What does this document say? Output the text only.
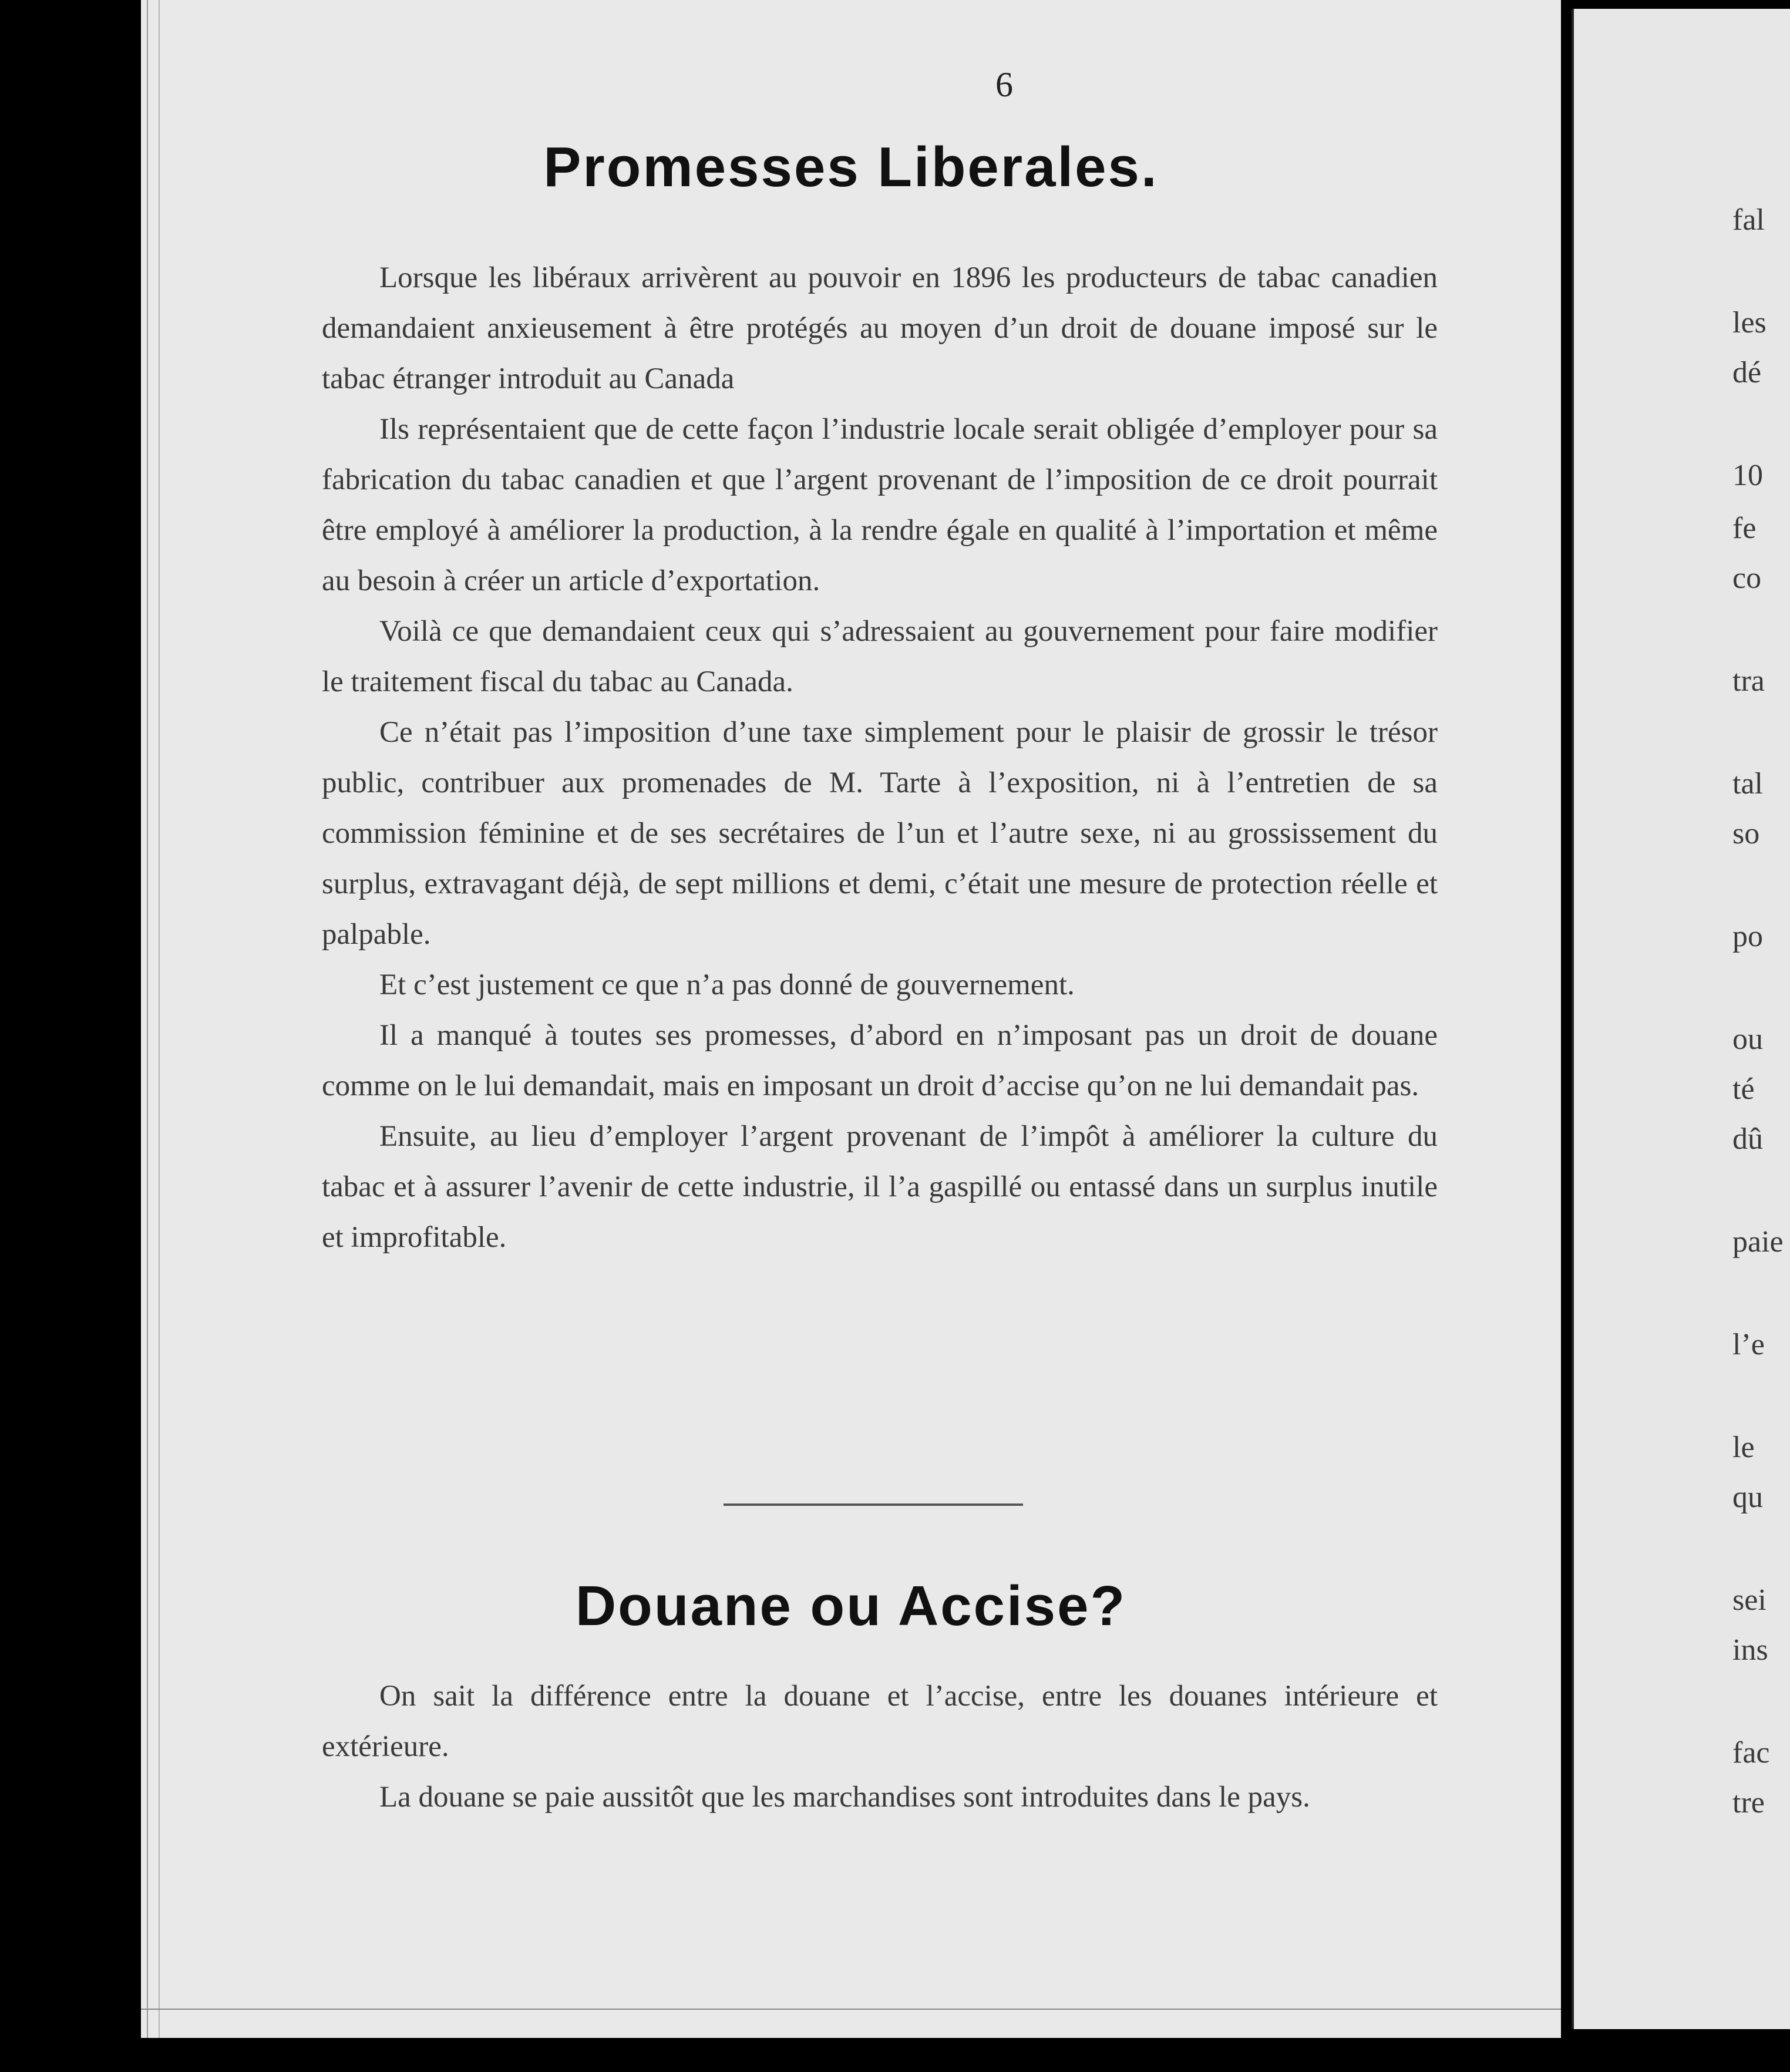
6
Promesses Liberales.

Lorsque les libéraux arrivèrent au pouvoir en 1896 les producteurs de tabac canadien demandaient anxieusement à être protégés au moyen d’un droit de douane imposé sur le tabac étranger introduit au Canada

Ils représentaient que de cette façon l’industrie locale serait obligée d’employer pour sa fabrication du tabac canadien et que l’argent provenant de l’imposition de ce droit pourrait être employé à améliorer la production, à la rendre égale en qualité à l’importation et même au besoin à créer un article d’exportation.

Voilà ce que demandaient ceux qui s’adressaient au gouvernement pour faire modifier le traitement fiscal du tabac au Canada.

Ce n’était pas l’imposition d’une taxe simplement pour le plaisir de grossir le trésor public, contribuer aux promenades de M. Tarte à l’exposition, ni à l’entretien de sa commission féminine et de ses secrétaires de l’un et l’autre sexe, ni au grossissement du surplus, extravagant déjà, de sept millions et demi, c’était une mesure de protection réelle et palpable.

Et c’est justement ce que n’a pas donné de gouvernement.

Il a manqué à toutes ses promesses, d’abord en n’imposant pas un droit de douane comme on le lui demandait, mais en imposant un droit d’accise qu’on ne lui demandait pas.

Ensuite, au lieu d’employer l’argent provenant de l’impôt à améliorer la culture du tabac et à assurer l’avenir de cette industrie, il l’a gaspillé ou entassé dans un surplus inutile et improfitable.

Douane ou Accise?

On sait la différence entre la douane et l’accise, entre les douanes intérieure et extérieure.

La douane se paie aussitôt que les marchandises sont introduites dans le pays.

fal
les
dé
10
fe
co
tra
tal
so
po
ou
té
dû
paie
l’e
le
qu
sei
ins
fac
tre
